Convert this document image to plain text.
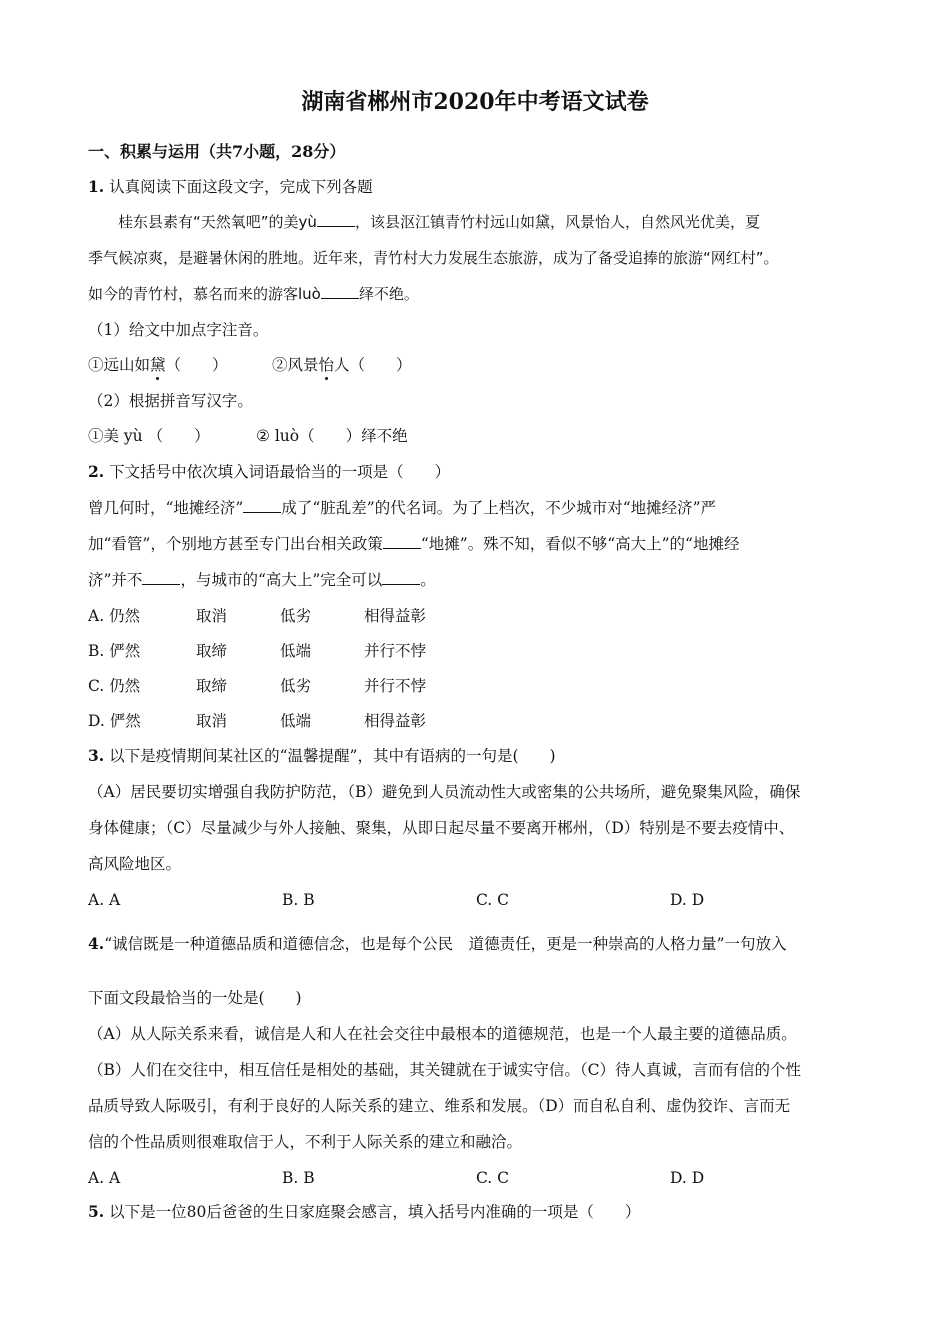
湖南省郴州市2020年中考语文试卷
一、积累与运用（共7小题，28分）
1. 认真阅读下面这段文字，完成下列各题
桂东县素有“天然氧吧”的美yù	，该县沤江镇青竹村远山如黛，风景怡人，自然风光优美，夏
季气候凉爽，是避暑休闲的胜地。近年来，青竹村大力发展生态旅游，成为了备受追捧的旅游“网红村”。
如今的青竹村，慕名而来的游客luò	绎不绝。
（1）给文中加点字注音。
①远山如黛（　　）	②风景怡人（　　）
（2）根据拼音写汉字。
①美 yù （　　）	② luò（　　）绎不绝
2. 下文括号中依次填入词语最恰当的一项是（　　）
曾几何时，“地摊经济” 成了“脏乱差”的代名词。为了上档次，不少城市对“地摊经济”严
加“看管”，个别地方甚至专门出台相关政策 “地摊”。殊不知，看似不够“高大上”的“地摊经
济”并不 ，与城市的“高大上”完全可以 。
A. 仍然	取消	低劣	相得益彰
B. 俨然	取缔	低端	并行不悖
C. 仍然	取缔	低劣	并行不悖
D. 俨然	取消	低端	相得益彰
3. 以下是疫情期间某社区的“温馨提醒”，其中有语病的一句是(　　)
（A）居民要切实增强自我防护防范，（B）避免到人员流动性大或密集的公共场所，避免聚集风险，确保
身体健康；（C）尽量减少与外人接触、聚集，从即日起尽量不要离开郴州，（D）特别是不要去疫情中、
高风险地区。
A. A	B. B	C. C	D. D
4.“诚信既是一种道德品质和道德信念，也是每个公民　道德责任，更是一种崇高的人格力量”一句放入
下面文段最恰当的一处是(　　)
（A）从人际关系来看，诚信是人和人在社会交往中最根本的道德规范，也是一个人最主要的道德品质。
（B）人们在交往中，相互信任是相处的基础，其关键就在于诚实守信。（C）待人真诚，言而有信的个性
品质导致人际吸引，有利于良好的人际关系的建立、维系和发展。（D）而自私自利、虚伪狡诈、言而无
信的个性品质则很难取信于人，不利于人际关系的建立和融洽。
A. A	B. B	C. C	D. D
5. 以下是一位80后爸爸的生日家庭聚会感言，填入括号内准确的一项是（　　）
